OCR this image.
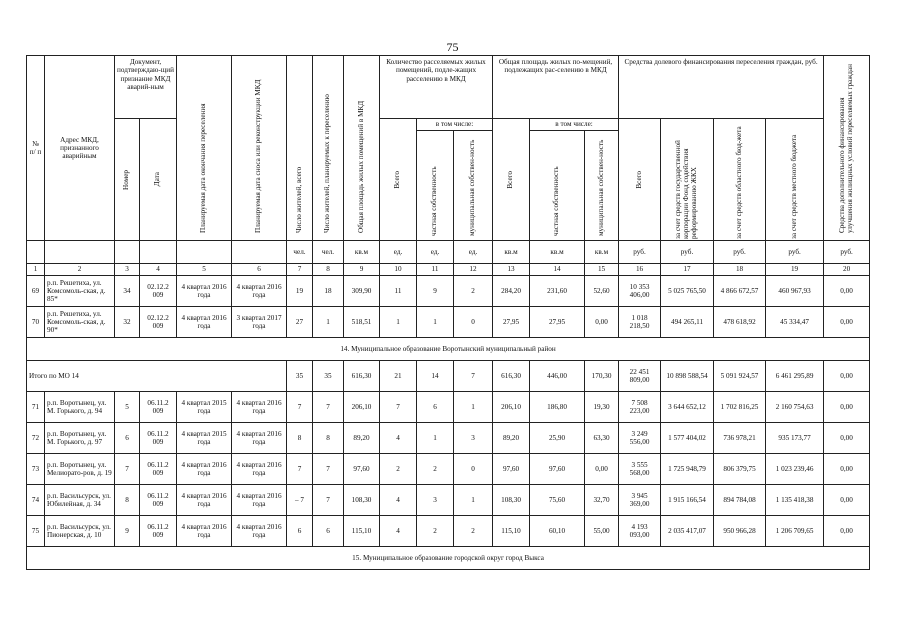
75
№ п/ п	Адрес МКД, признанного аварийным	Документ, подтверждаю-щий признание МКД аварий-ным		Планируемая дата окончания переселения	Планируемая дата сноса или реконструкции МКД	Число жителей, всего	Число жителей, планируемых к переселению	Общая площадь жилых помещений в МКД	Количество расселяемых жилых помещений, подле-жащих расселению в МКД			Общая площадь жилых по-мещений, подлежащих рас-селению в МКД			Средства долевого финансирования переселения граждан, руб.				Средства дополнительного финансирования улучшения жилищных условий переселяемых граждан

		Номер	Дата						Всего	в том числе:		Всего	в том числе:		Всего	за счет средств государственной корпорации Фонд содействия реформированию ЖКХ	за счет средств областного бюд-жета	за счет средств местного бюджета	

										частная собственность	муниципальная собствен-ность		частная собственность	муниципальная собствен-ность					

						чел.	чел.	кв.м	ед.	ед.	ед.	кв.м	кв.м	кв.м	руб.	руб.	руб.	руб.	руб.
1	2	3	4	5	6	7	8	9	10	11	12	13	14	15	16	17	18	19	20
69	р.п. Решетиха, ул. Комсомоль-ская, д. 85*	34	02.12.2 009	4 квартал 2016 года	4 квартал 2016 года	19	18	309,90	11	9	2	284,20	231,60	52,60	10 353 406,00	5 025 765,50	4 866 672,57	460 967,93	0,00
70	р.п. Решетиха, ул. Комсомоль-ская, д. 90*	32	02.12.2 009	4 квартал 2016 года	3 квартал 2017 года	27	1	518,51	1	1	0	27,95	27,95	0,00	1 018 218,50	494 265,11	478 618,92	45 334,47	0,00
14. Муниципальное образование Воротынский муниципальный район																			
Итого по МО 14						35	35	616,30	21	14	7	616,30	446,00	170,30	22 451 809,00	10 898 588,54	5 091 924,57	6 461 295,89	0,00
71	р.п. Воротынец, ул. М. Горького, д. 94	5	06.11.2 009	4 квартал 2015 года	4 квартал 2016 года	7	7	206,10	7	6	1	206,10	186,80	19,30	7 508 223,00	3 644 652,12	1 702 816,25	2 160 754,63	0,00
72	р.п. Воротынец, ул. М. Горького, д. 97	6	06.11.2 009	4 квартал 2015 года	4 квартал 2016 года	8	8	89,20	4	1	3	89,20	25,90	63,30	3 249 556,00	1 577 404,02	736 978,21	935 173,77	0,00
73	р.п. Воротынец, ул. Мелиорато-ров, д. 19	7	06.11.2 009	4 квартал 2016 года	4 квартал 2016 года	7	7	97,60	2	2	0	97,60	97,60	0,00	3 555 568,00	1 725 948,79	806 379,75	1 023 239,46	0,00
74	р.п. Васильсурск, ул. Юбилейная, д. 34	8	06.11.2 009	4 квартал 2016 года	4 квартал 2016 года	– 7	7	108,30	4	3	1	108,30	75,60	32,70	3 945 369,00	1 915 166,54	894 784,08	1 135 418,38	0,00
75	р.п. Васильсурск, ул. Пионерская, д. 10	9	06.11.2 009	4 квартал 2016 года	4 квартал 2016 года	6	6	115,10	4	2	2	115,10	60,10	55,00	4 193 093,00	2 035 417,07	950 966,28	1 206 709,65	0,00
15. Муниципальное образование городской округ город Выкса																			
